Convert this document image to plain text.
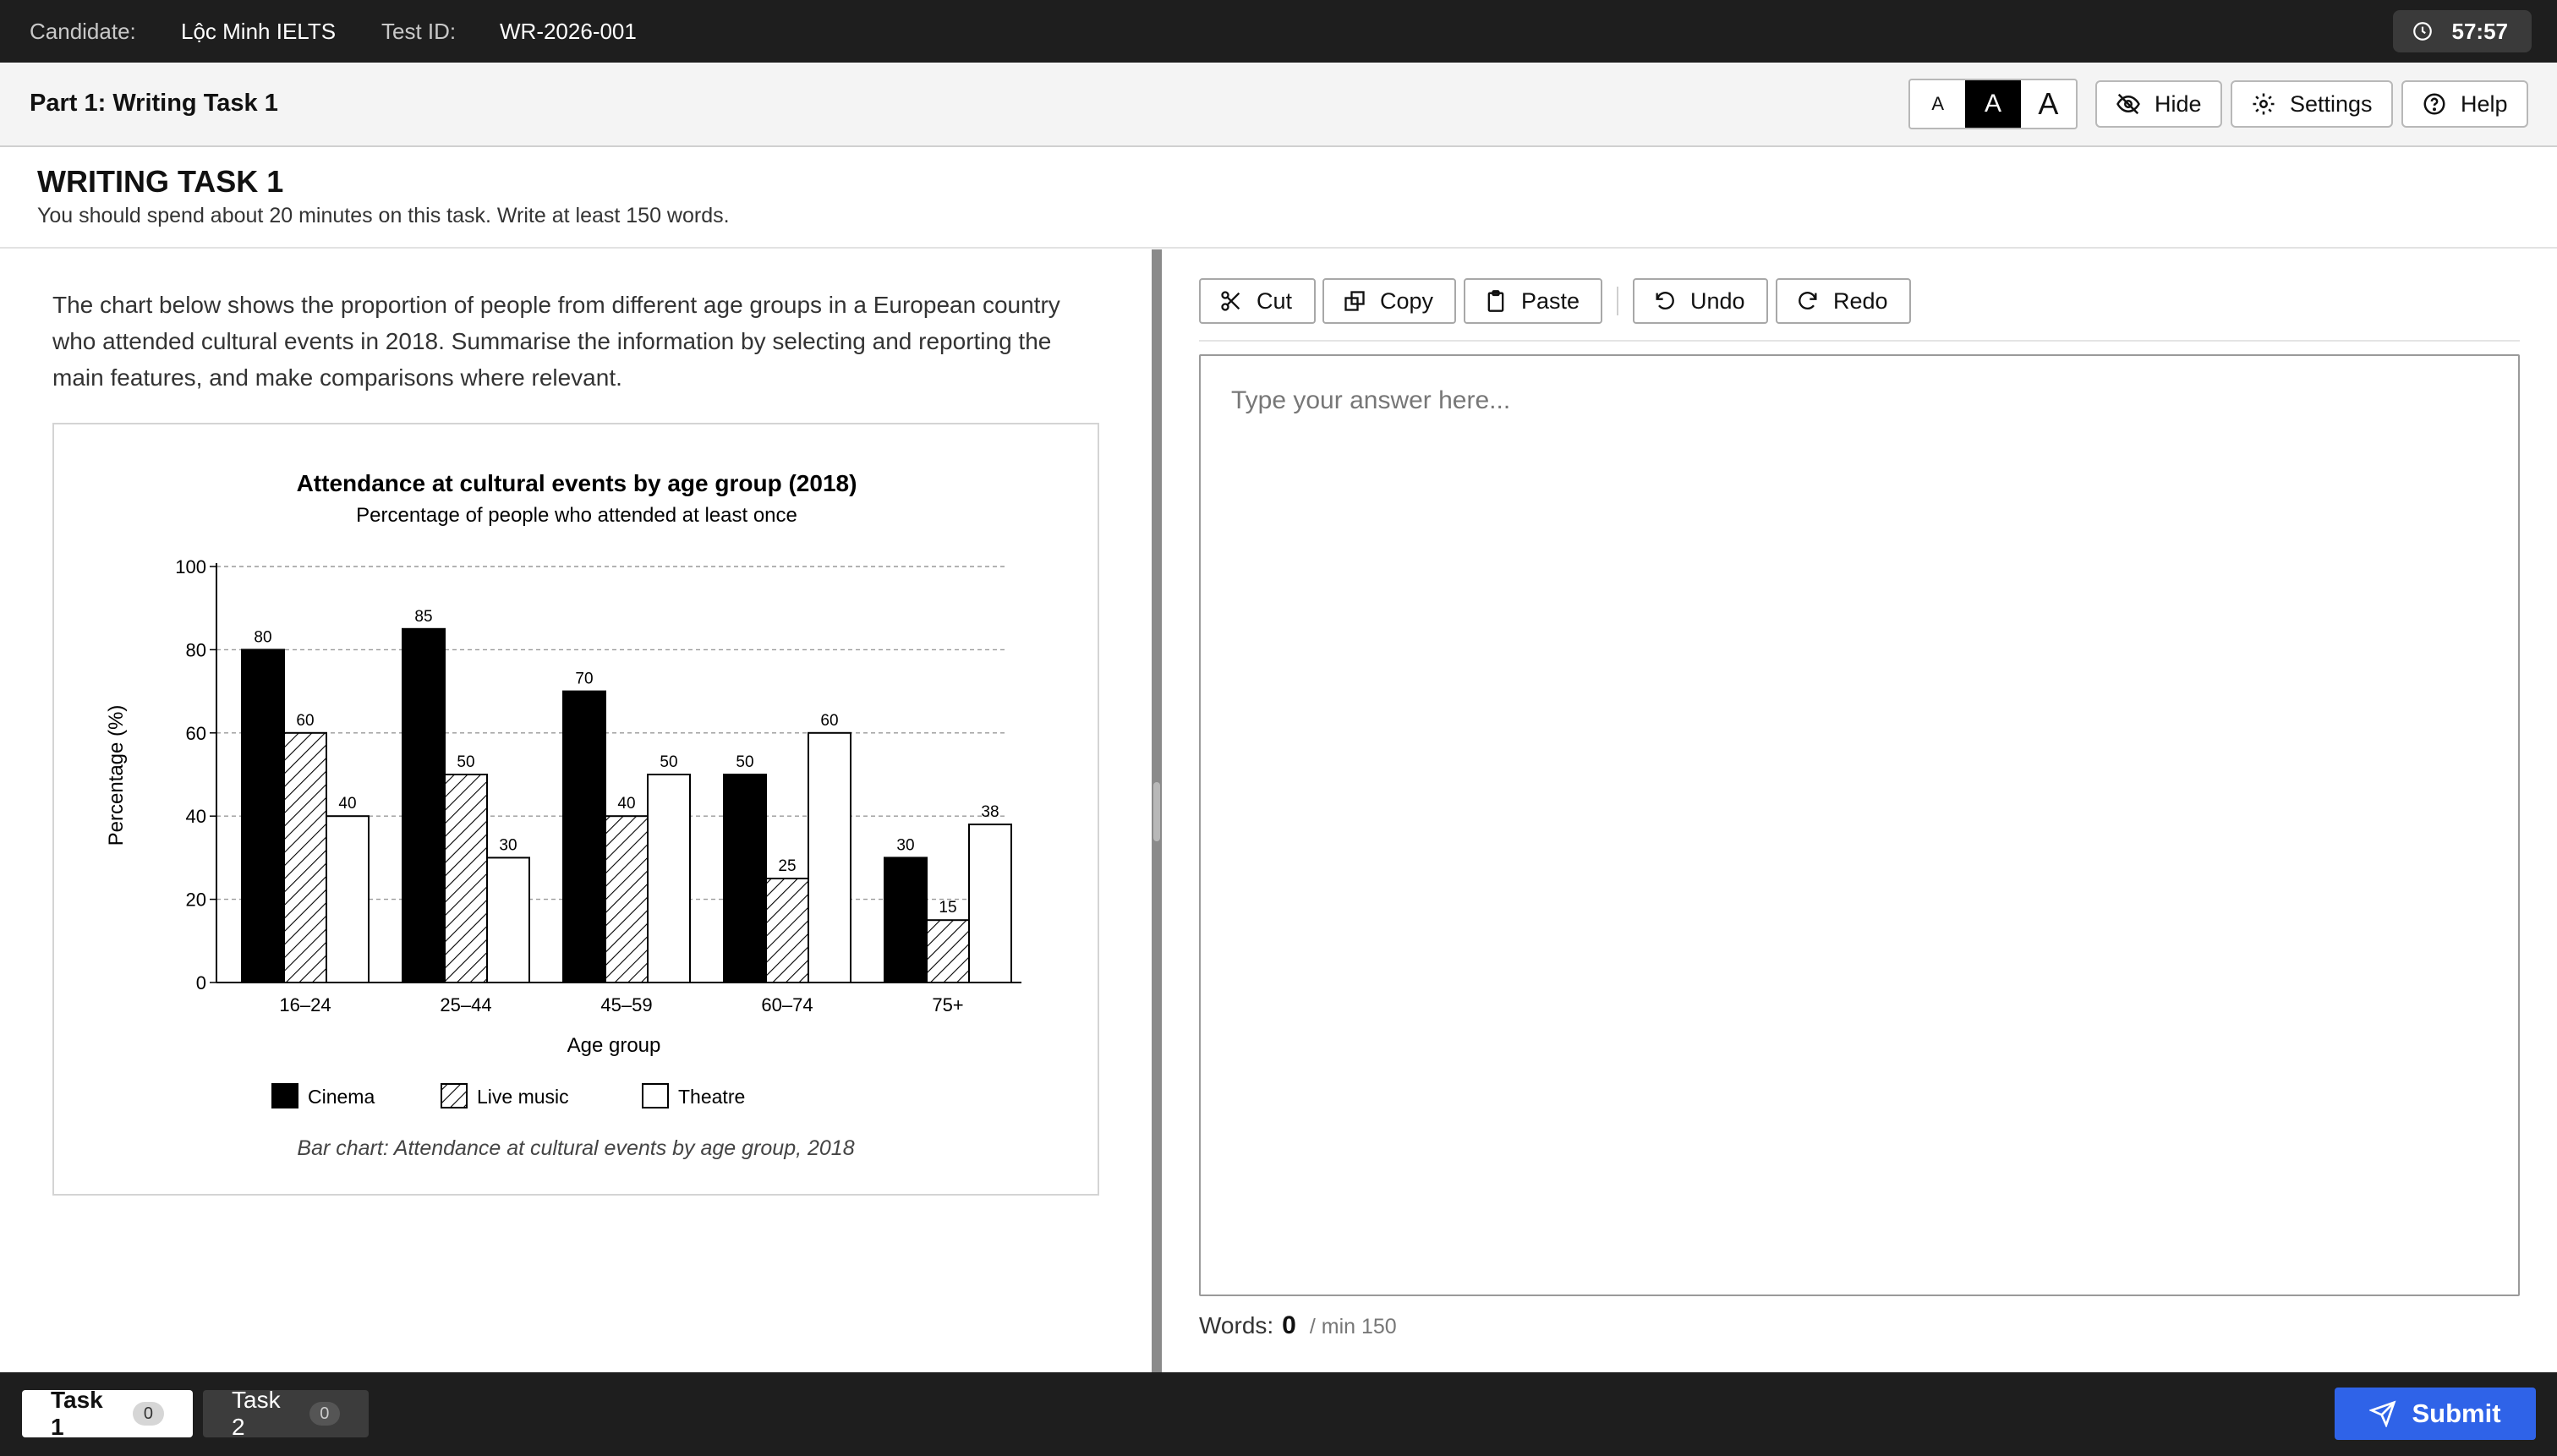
Candidate: Lộc Minh IELTS Test ID: WR-2026-001	57:57
Part 1: Writing Task 1	A	A	A	Hide	Settings	Help
WRITING TASK 1

You should spend about 20 minutes on this task. Write at least 150 words.

The chart below shows the proportion of people from different age groups in a European country
who attended cultural events in 2018. Summarise the information by selecting and reporting the
main features, and make comparisons where relevant.
Attendance at cultural events by age group (2018)
Percentage of people who attended at least once
Percentage (%)
Age group
0
20
40
60
80
100
80
60
40
16–24
85
50
30
25–44
70
40
50
45–59
50
25
60
60–74
30
15
38
75+
Cinema	Live music	Theatre
Bar chart: Attendance at cultural events by age group, 2018
Cut	Copy	Paste	Undo	Redo
Type your answer here...
Words: 0 / min 150
Task 1
0
Task 2
0	Submit
